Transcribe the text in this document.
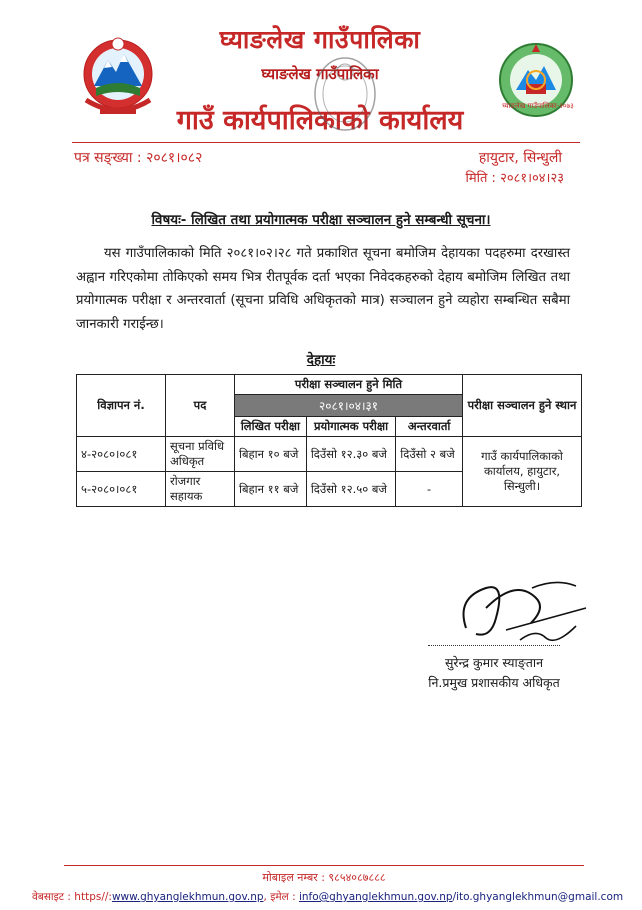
घ्याङलेख गाउँपालिका
घ्याङलेख गाउँपालिका
गाउँ कार्यपालिकाको कार्यालय	घ्याङलेख गाउँपालिका-२०७३
पत्र सङ्ख्या : २०८१।०८२	हायुटार, सिन्धुली
मिति : २०८१।०४।२३
विषयः- लिखित तथा प्रयोगात्मक परीक्षा सञ्चालन हुने सम्बन्धी सूचना।
यस गाउँपालिकाको मिति २०८१।०२।२८ गते प्रकाशित सूचना बमोजिम देहायका पदहरुमा दरखास्त अह्वान गरिएकोमा तोकिएको समय भित्र रीतपूर्वक दर्ता भएका निवेदकहरुको देहाय बमोजिम लिखित तथा प्रयोगात्मक परीक्षा र अन्तरवार्ता (सूचना प्रविधि अधिकृतको मात्र) सञ्चालन हुने व्यहोरा सम्बन्धित सबैमा जानकारी गराईन्छ।
देहायः
विज्ञापन नं.	पद	परीक्षा सञ्चालन हुने मिति			परीक्षा सञ्चालन हुने स्थान
		२०८१।०४।३१			
		लिखित परीक्षा	प्रयोगात्मक परीक्षा	अन्तरवार्ता	
४-२०८०।०८१	सूचना प्रविधि अधिकृत	बिहान १० बजे	दिउँसो १२.३० बजे	दिउँसो २ बजे	गाउँ कार्यपालिकाको कार्यालय, हायुटार, सिन्धुली।
५-२०८०।०८१	रोजगार सहायक	बिहान ११ बजे	दिउँसो १२.५० बजे	-	
सुरेन्द्र कुमार स्याङ्तान
नि.प्रमुख प्रशासकीय अधिकृत
मोबाइल नम्बर : ९८५४०८७८८८
वेबसाइट : https//:www.ghyanglekhmun.gov.np, इमेल : info@ghyanglekhmun.gov.np/ito.ghyanglekhmun@gmail.com
